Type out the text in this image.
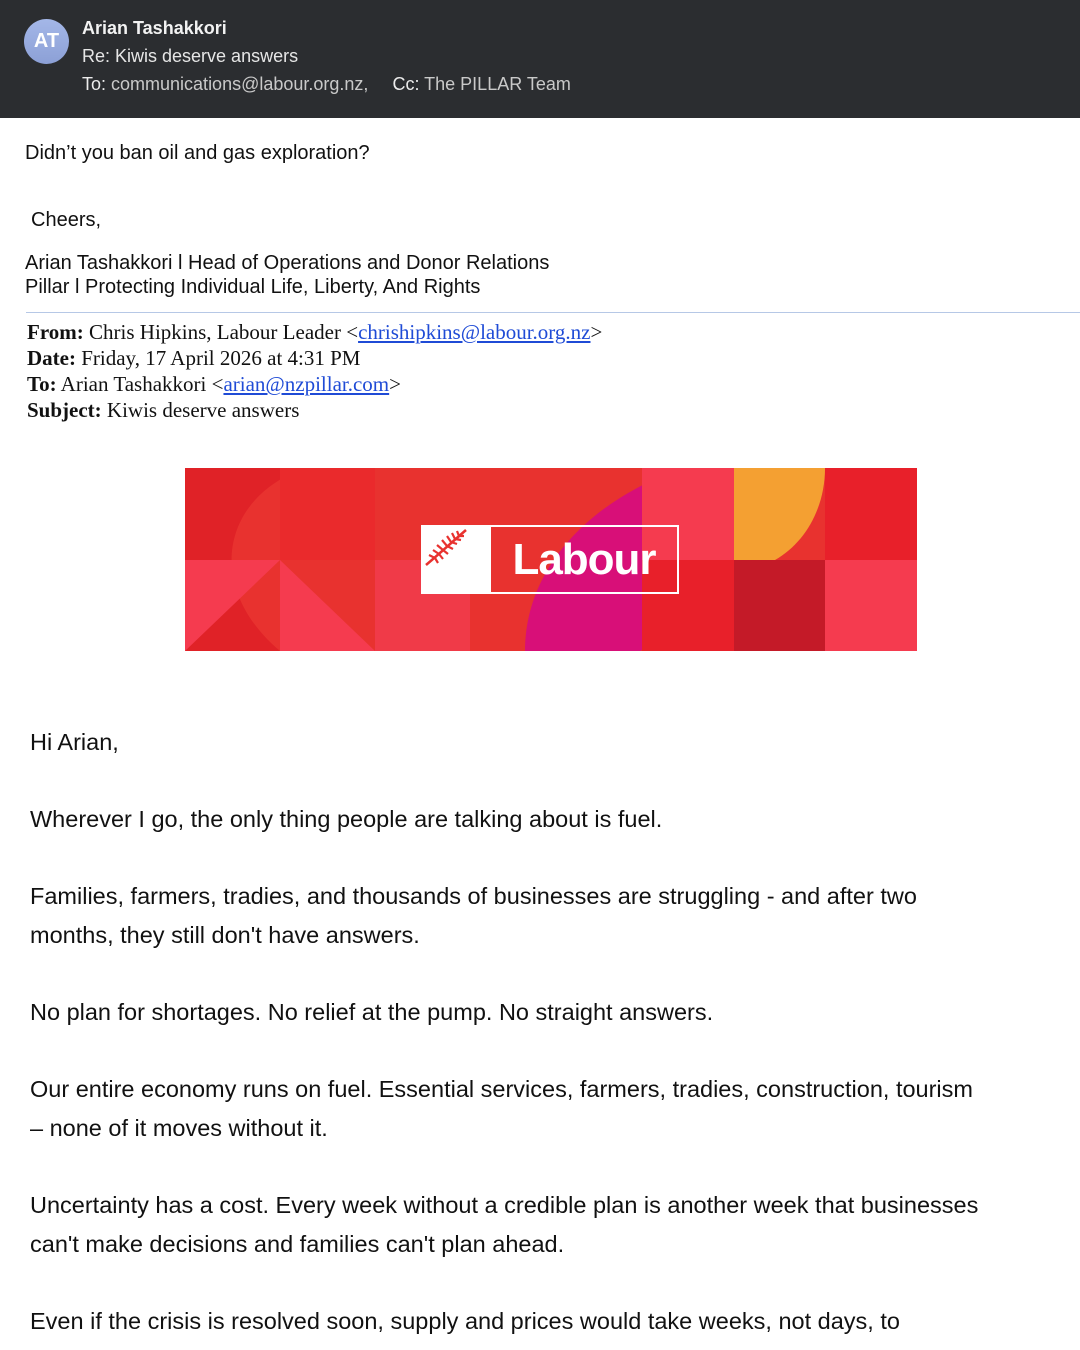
AT
Arian Tashakkori
Re: Kiwis deserve answers
To: communications@labour.org.nz, Cc: The PILLAR Team
Didn’t you ban oil and gas exploration?
Cheers,
Arian Tashakkori l Head of Operations and Donor Relations
Pillar l Protecting Individual Life, Liberty, And Rights
From: Chris Hipkins, Labour Leader <chrishipkins@labour.org.nz>
Date: Friday, 17 April 2026 at 4:31 PM
To: Arian Tashakkori <arian@nzpillar.com>
Subject: Kiwis deserve answers
Labour
Hi Arian,
Wherever I go, the only thing people are talking about is fuel.
Families, farmers, tradies, and thousands of businesses are struggling - and after two
months, they still don't have answers.
No plan for shortages. No relief at the pump. No straight answers.
Our entire economy runs on fuel. Essential services, farmers, tradies, construction, tourism
– none of it moves without it.
Uncertainty has a cost. Every week without a credible plan is another week that businesses
can't make decisions and families can't plan ahead.
Even if the crisis is resolved soon, supply and prices would take weeks, not days, to
